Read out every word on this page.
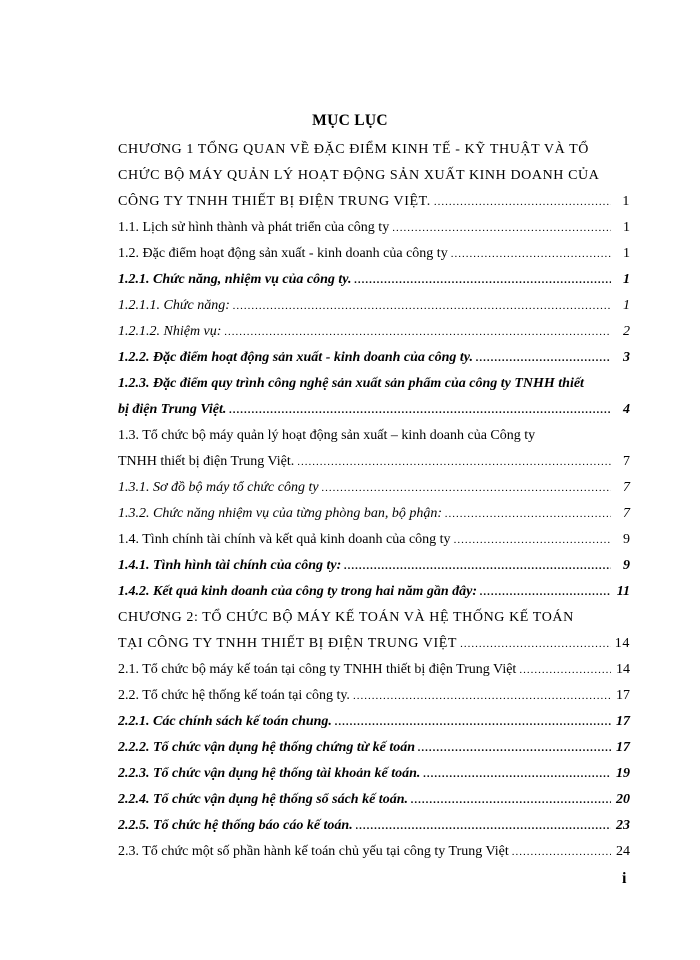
MỤC LỤC
CHƯƠNG 1 TỔNG QUAN VỀ ĐẶC ĐIỂM KINH TẾ - KỸ THUẬT VÀ TỔ
CHỨC BỘ MÁY QUẢN LÝ HOẠT ĐỘNG SẢN XUẤT KINH DOANH CỦA
CÔNG TY TNHH THIẾT BỊ ĐIỆN TRUNG VIỆT. .....	1
1.1. Lịch sử hình thành và phát triển của công ty .....	1
1.2. Đặc điểm hoạt động sản xuất - kinh doanh của công ty .....	1
1.2.1. Chức năng, nhiệm vụ của công ty. .....	1
1.2.1.1. Chức năng: .....	1
1.2.1.2. Nhiệm vụ: .....	2
1.2.2. Đặc điểm hoạt động sản xuất - kinh doanh của công ty. .....	3
1.2.3. Đặc điểm quy trình công nghệ sản xuất sản phẩm của công ty TNHH thiết
bị điện Trung Việt. .....	4
1.3. Tổ chức bộ máy quản lý hoạt động sản xuất – kinh doanh của Công ty
TNHH thiết bị điện Trung Việt. .....	7
1.3.1. Sơ đồ bộ máy tổ chức công ty .....	7
1.3.2. Chức năng nhiệm vụ của từng phòng ban, bộ phận: .....	7
1.4. Tình chính tài chính và kết quả kinh doanh của công ty .....	9
1.4.1. Tình hình tài chính của công ty: .....	9
1.4.2. Kết quả kinh doanh của công ty trong hai năm gần đây: .....	11
CHƯƠNG 2: TỔ CHỨC BỘ MÁY KẾ TOÁN VÀ HỆ THỐNG KẾ TOÁN
TẠI CÔNG TY TNHH THIẾT BỊ ĐIỆN TRUNG VIỆT .....	14
2.1. Tổ chức bộ máy kế toán tại công ty TNHH thiết bị điện Trung Việt .....	14
2.2. Tổ chức hệ thống kế toán tại công ty. .....	17
2.2.1. Các chính sách kế toán chung. .....	17
2.2.2. Tổ chức vận dụng hệ thống chứng từ kế toán .....	17
2.2.3. Tổ chức vận dụng hệ thống tài khoản kế toán. .....	19
2.2.4. Tổ chức vận dụng hệ thống sổ sách kế toán. .....	20
2.2.5. Tổ chức hệ thống báo cáo kế toán. .....	23
2.3. Tổ chức một số phần hành kế toán chủ yếu tại công ty Trung Việt .....	24
i
